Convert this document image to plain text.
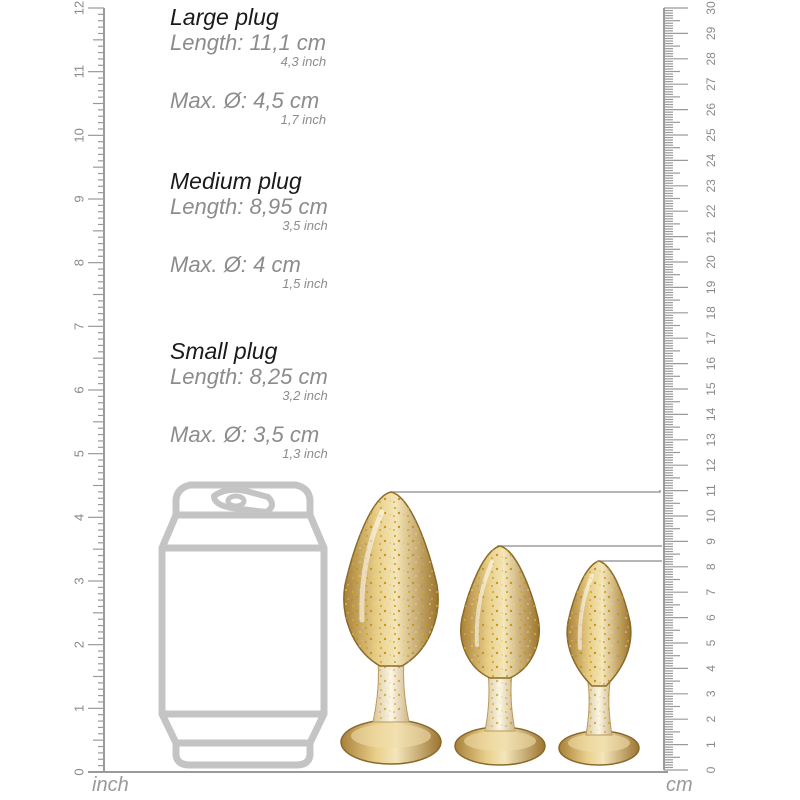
0
1
2
3
4
5
6
7
8
9
10
11
12
0
1
2
3
4
5
6
7
8
9
10
11
12
13
14
15
16
17
18
19
20
21
22
23
24
25
26
27
28
29
30
Large plug
Length: 11,1 cm
4,3 inch
Max. Ø: 4,5 cm
1,7 inch
Medium plug
Length: 8,95 cm
3,5 inch
Max. Ø: 4 cm
1,5 inch
Small plug
Length: 8,25 cm
3,2 inch
Max. Ø: 3,5 cm
1,3 inch
inch	cm
